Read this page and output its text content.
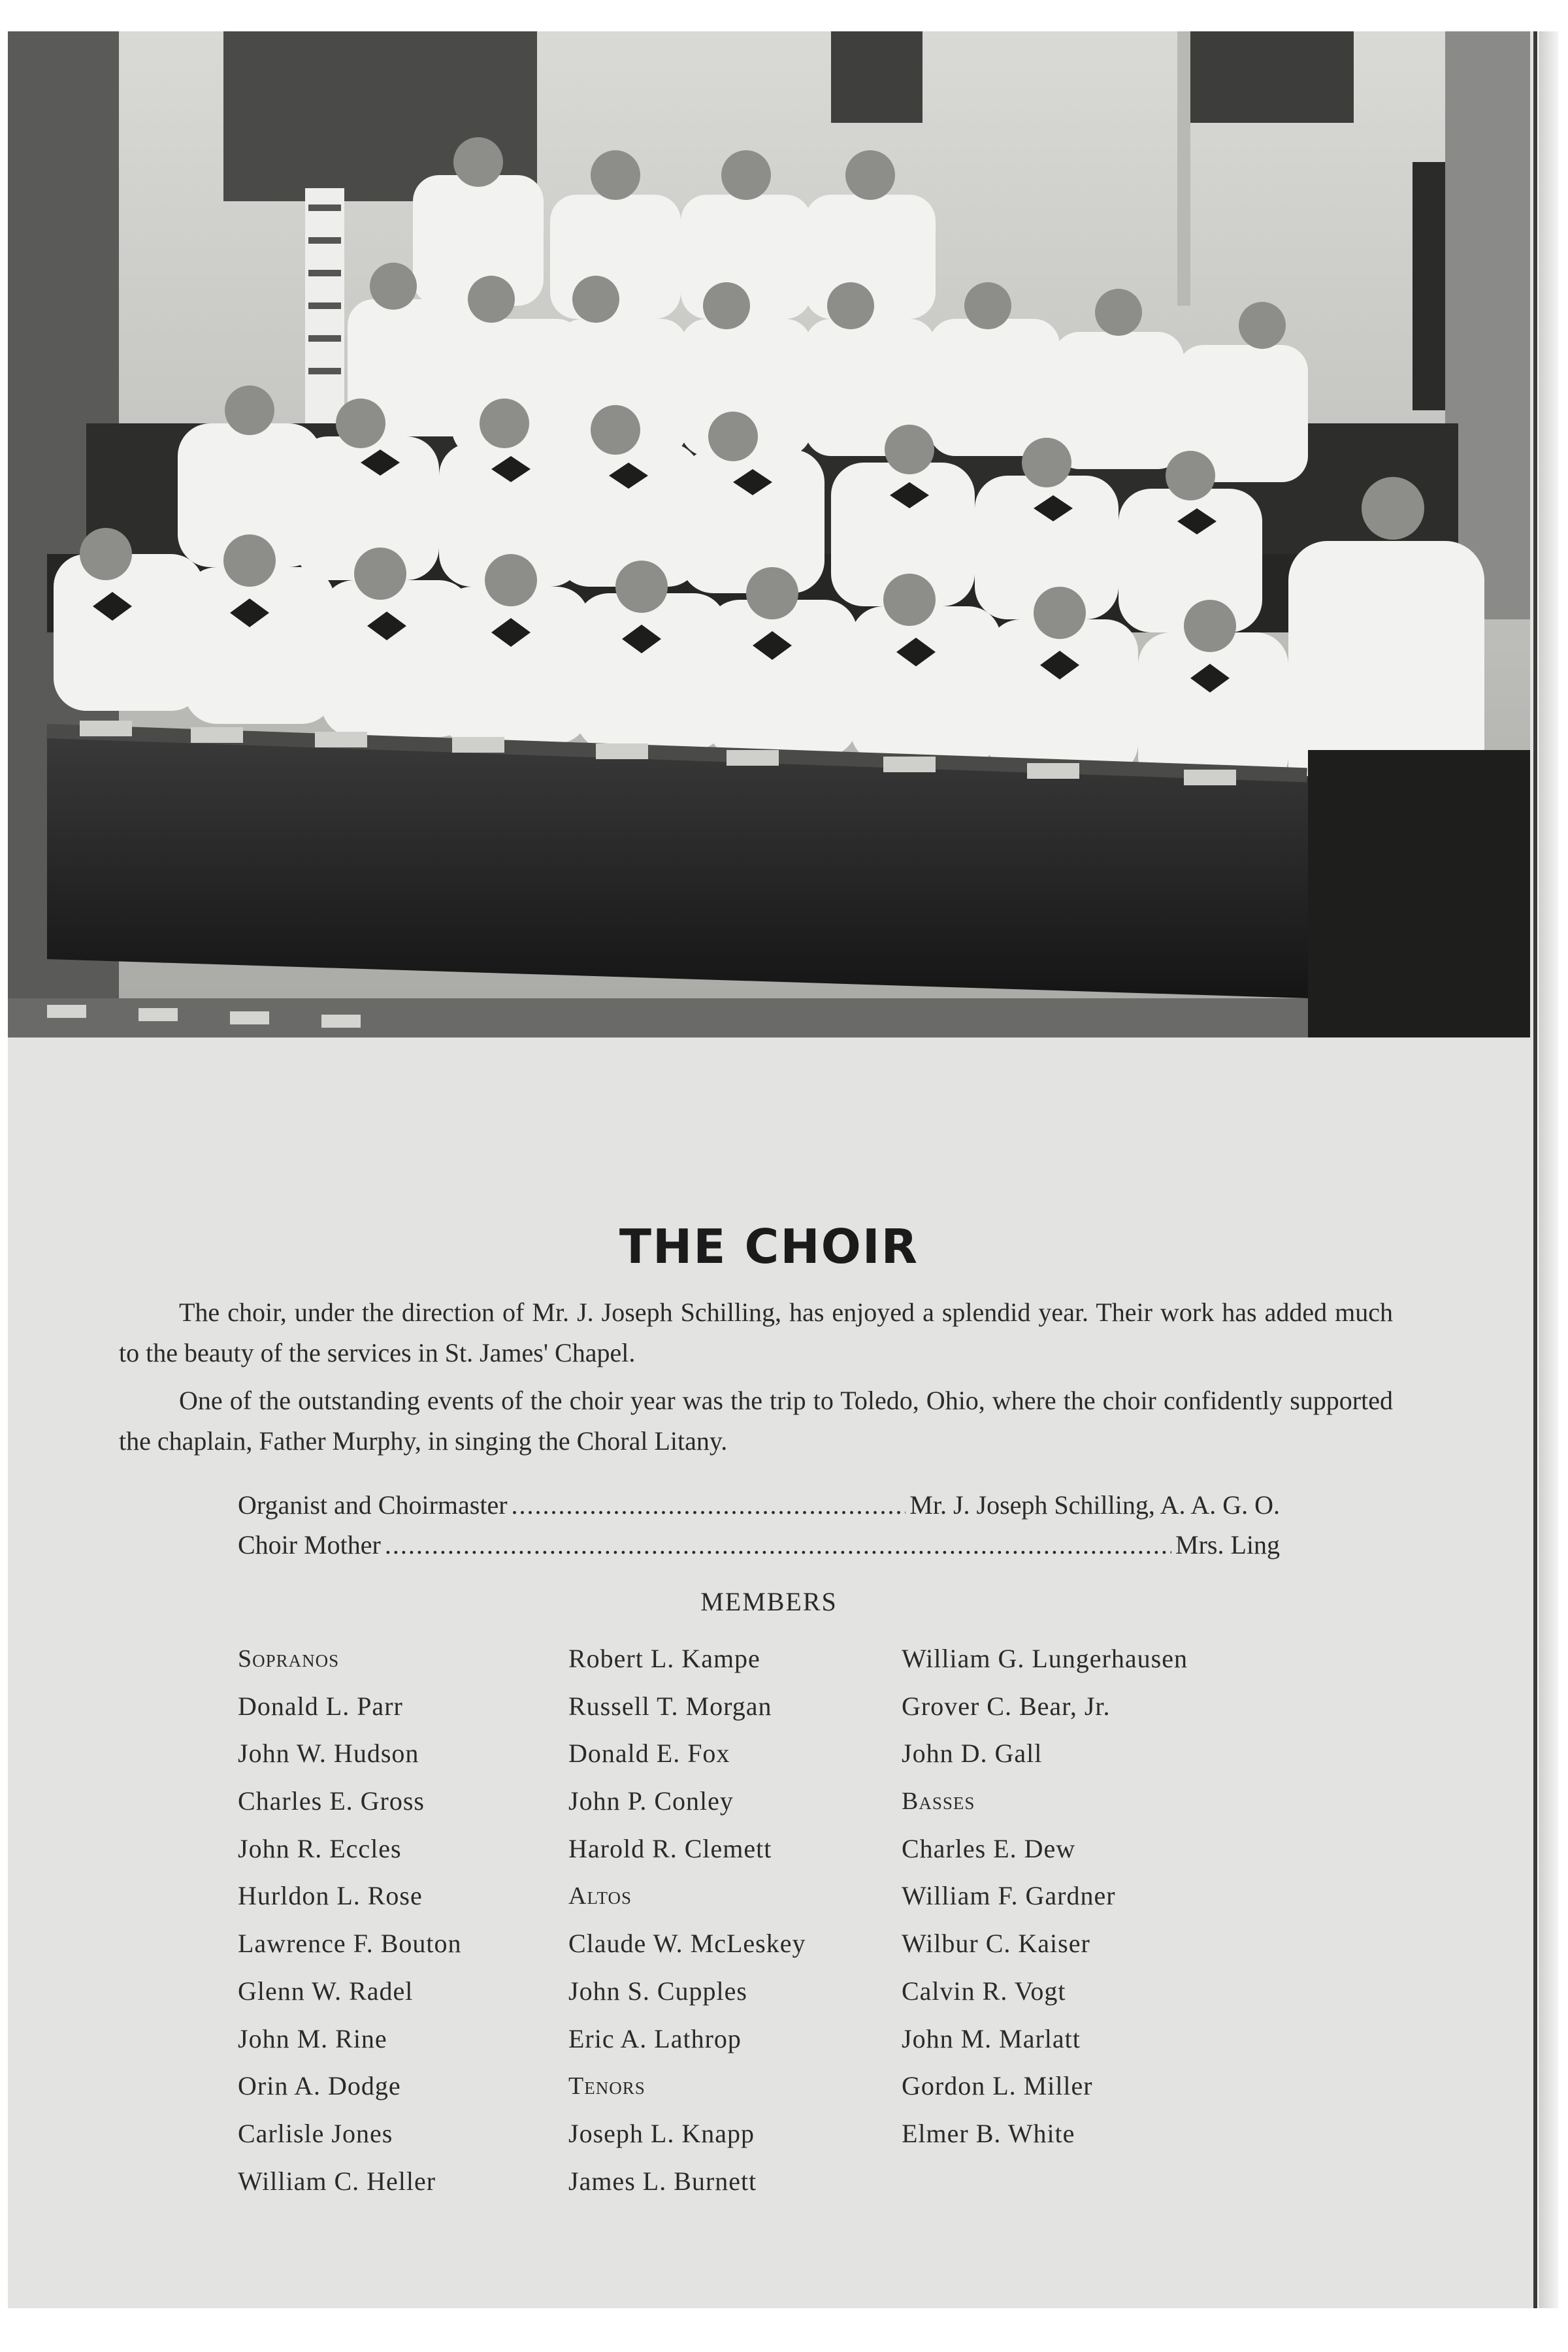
THE CHOIR
The choir, under the direction of Mr. J. Joseph Schilling, has enjoyed a splendid year. Their work has added much to the beauty of the services in St. James' Chapel.
One of the outstanding events of the choir year was the trip to Toledo, Ohio, where the choir confidently supported the chaplain, Father Murphy, in singing the Choral Litany.
Organist and Choirmaster . . .	Mr. J. Joseph Schilling, A. A. G. O.
Choir Mother . . .	Mrs. Ling
MEMBERS
Sopranos
Donald L. Parr
John W. Hudson
Charles E. Gross
John R. Eccles
Hurldon L. Rose
Lawrence F. Bouton
Glenn W. Radel
John M. Rine
Orin A. Dodge
Carlisle Jones
William C. Heller
Robert L. Kampe
Russell T. Morgan
Donald E. Fox
John P. Conley
Harold R. Clemett
Altos
Claude W. McLeskey
John S. Cupples
Eric A. Lathrop
Tenors
Joseph L. Knapp
James L. Burnett
William G. Lungerhausen
Grover C. Bear, Jr.
John D. Gall
Basses
Charles E. Dew
William F. Gardner
Wilbur C. Kaiser
Calvin R. Vogt
John M. Marlatt
Gordon L. Miller
Elmer B. White
